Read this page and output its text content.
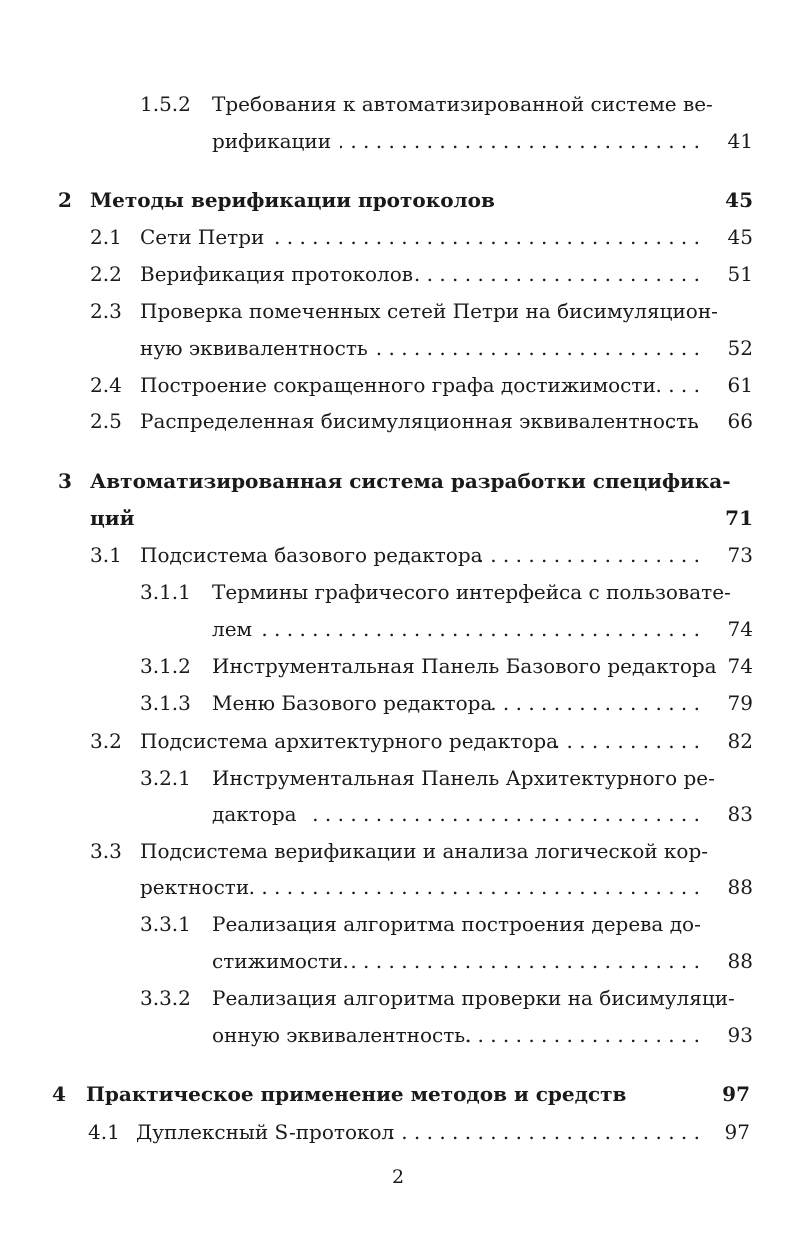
1.5.2 Требования к автоматизированной системе ве-
рификации . . .	41
2 Методы верификации протоколов	45
2.1 Сети Петри . . .	45
2.2 Верификация протоколов . . .	51
2.3 Проверка помеченных сетей Петри на бисимуляцион-
ную эквивалентность . . .	52
2.4 Построение сокращенного графа достижимости . . .	61
2.5 Распределенная бисимуляционная эквивалентность . . . 66
3 Автоматизированная система разработки специфика-
ций	71
3.1 Подсистема базового редактора . . .	73
3.1.1 Термины графичесого интерфейса с пользовате-
лем . . .	74
3.1.2 Инструментальная Панель Базового редактора 74
3.1.3 Меню Базового редактора . . .	79
3.2 Подсистема архитектурного редактора . . .	82
3.2.1 Инструментальная Панель Архитектурного ре-
дактора . . .	83
3.3 Подсистема верификации и анализа логической кор-
ректности . . .	88
3.3.1 Реализация алгоритма построения дерева до-
стижимости. . . .	88
3.3.2 Реализация алгоритма проверки на бисимуляци-
онную эквивалентность. . . .	93
4 Практическое применение методов и средств	97
4.1 Дуплексный S-протокол . . .	97
2
